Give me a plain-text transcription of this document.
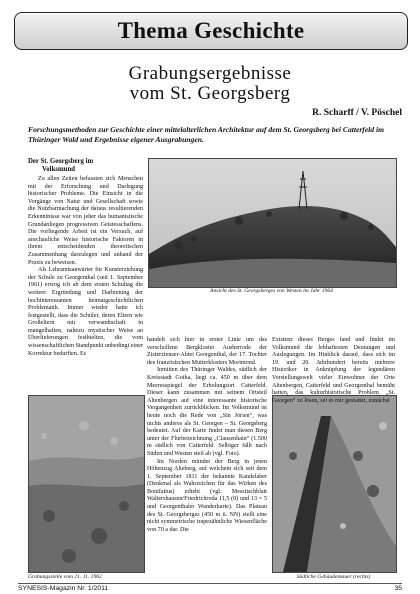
Thema Geschichte
Grabungsergebnisse
vom St. Georgsberg
R. Scharff / V. Pöschel
Forschungsmethoden zur Geschichte einer mittelalterlichen Architektur auf dem St. Georgsberg bei Catterfeld im Thüringer Wald und Ergebnisse eigener Ausgrabungen.

Der St. Georgsberg im
Volksmund

Zu allen Zeiten befassten sich Menschen mit der Erforschung und Darlegung historischer Probleme. Die Einsicht in die Vorgänge von Natur und Gesellschaft sowie die Nutzbarmachung der daraus resultierenden Erkenntnisse war von jeher das humanistische Grundanliegen progressiven Geistesschaffens. Die vorliegende Arbeit ist ein Versuch, auf anschauliche Weise historische Faktoren in ihrem entscheidenden theoretischen Zusammenhang darzulegen und anhand der Praxis zu beweisen.

Als Lehramtsanwärter für Kunsterziehung der Schule zu Georgenthal (seit 1. September 1961) erwog ich ab dem ersten Schultag die weitere Ergründung und Darbietung der hochinteressanten heimatgeschichtlichen Problematik. Immer wieder hatte ich festgestellt, dass die Schüler, deren Eltern wie Großeltern mir verwandtschaft in mangelhaften, nahezu mystischer Weise an Überlieferungen festhielten, die vom wissenschaftlichen Standpunkt unbedingt einer Korrektur bedurften. Es

Ansicht des St. Georgsberges von Westen im Jahr 1964
Grabungsstelle vom 21. 11. 1962	Südliche Gebäudemauer (rechts)

handelt sich hier in erster Linie um das verschollene Bergkloster Ausberrode der Zisterzienser-Abtei Georgenthal, der 17. Tochter des französischen Mutterklosters Morimond.

Inmitten des Thüringer Waldes, südlich der Kreisstadt Gotha, liegt ca. 450 m über dem Meeresspiegel der Erholungsort Catterfeld. Dieser kann zusammen mit seinem Ortsteil Altenbergen auf eine interessante historische Vergangenheit zurückblicken. Im Volksmund ist heute noch die Rede von „Sin Jörien“, was nichts anderes als St. Georgen – St. Georgsberg bedeutet. Auf der Karte findet man diesen Berg unter der Flurbezeichnung „Clausenhain“ (1.500 m südlich von Catterfeld. Selbiger fällt nach Süden und Westen steil ab (vgl. Foto).

Im Norden mündet der Berg in jenen Höhenzug Alteberg, auf welchem sich seit dem 1. September 1811 der bekannte Kandelaber (Denkmal als Wahrzeichen für das Wirken des Bonifatius) erhebt (vgl. Messtischblatt Waltershausen/Friedrichroda 11,5 (0) und 13 = 5 und Georgenthaler Wanderkarte). Das Plateau des St. Georgsberges (450 m ü. NN) stellt eine nicht symmetrische trapezähnliche Wiesenfläche von 70 a dar. Die

Existenz dieses Berges fand und findet im Volksmund die lebhaftesten Deutungen und Auslegungen. Im Hinblick darauf, dass sich im 19. und 20. Jahrhundert bereits mehrere Historiker in Anknüpfung der legendären Vorstellungswelt vieler Einwohner der Orte Altenbergen, Catterfeld und Georgenthal bemüht hatten, das kulturhistorische Problem „St. Georgen“ zu lösen, sei es mir gestattet, zunächst

SYNESIS-Magazin Nr. 1/2011	35
